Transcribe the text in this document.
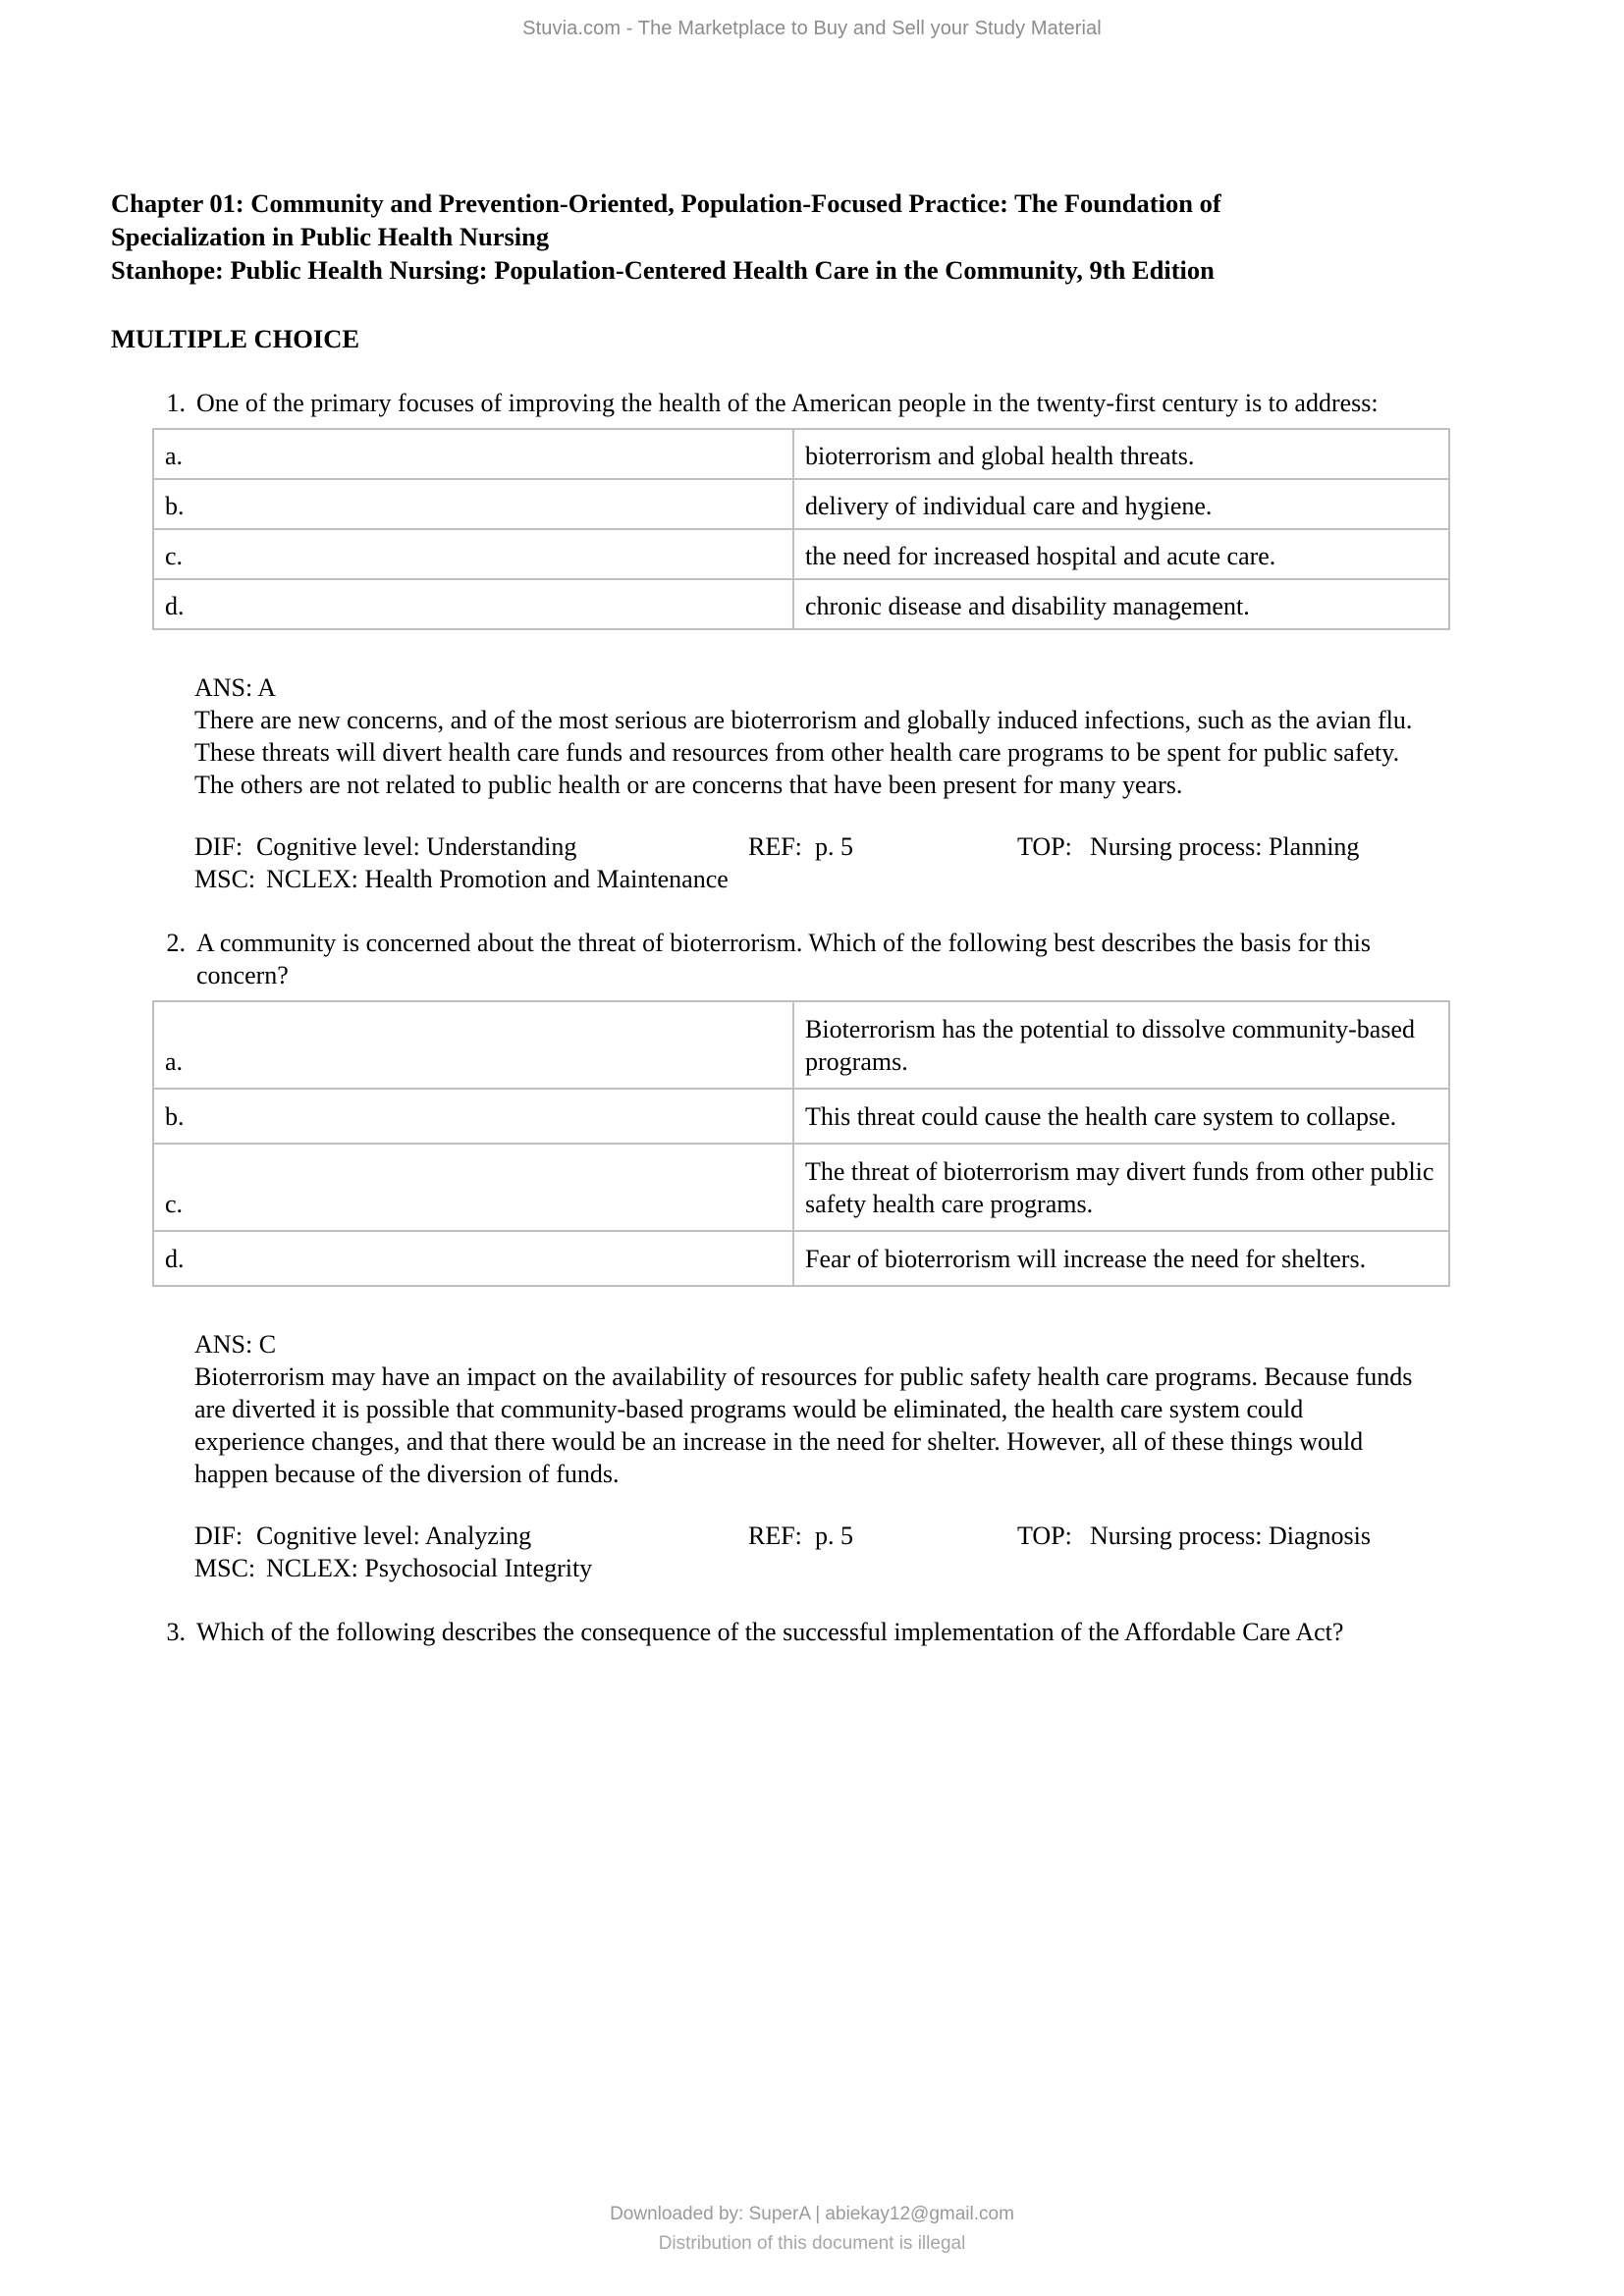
Stuvia.com - The Marketplace to Buy and Sell your Study Material
Chapter 01: Community and Prevention-Oriented, Population-Focused Practice: The Foundation of
Specialization in Public Health Nursing
Stanhope: Public Health Nursing: Population-Centered Health Care in the Community, 9th Edition
MULTIPLE CHOICE
1. One of the primary focuses of improving the health of the American people in the twenty-first century is to address:
a.	bioterrorism and global health threats.
b.	delivery of individual care and hygiene.
c.	the need for increased hospital and acute care.
d.	chronic disease and disability management.

ANS: A

There are new concerns, and of the most serious are bioterrorism and globally induced infections, such as the avian flu. These threats will divert health care funds and resources from other health care programs to be spent for public safety. The others are not related to public health or are concerns that have been present for many years.

DIF: Cognitive level: Understanding	REF: p. 5	TOP: Nursing process: Planning
MSC: NCLEX: Health Promotion and Maintenance
2. A community is concerned about the threat of bioterrorism. Which of the following best describes the basis for this concern?
a.	Bioterrorism has the potential to dissolve community-based programs.
b.	This threat could cause the health care system to collapse.
c.	The threat of bioterrorism may divert funds from other public safety health care programs.
d.	Fear of bioterrorism will increase the need for shelters.

ANS: C

Bioterrorism may have an impact on the availability of resources for public safety health care programs. Because funds are diverted it is possible that community-based programs would be eliminated, the health care system could experience changes, and that there would be an increase in the need for shelter. However, all of these things would happen because of the diversion of funds.

DIF: Cognitive level: Analyzing	REF: p. 5	TOP: Nursing process: Diagnosis
MSC: NCLEX: Psychosocial Integrity
3. Which of the following describes the consequence of the successful implementation of the Affordable Care Act?
Downloaded by: SuperA | abiekay12@gmail.com
Distribution of this document is illegal
